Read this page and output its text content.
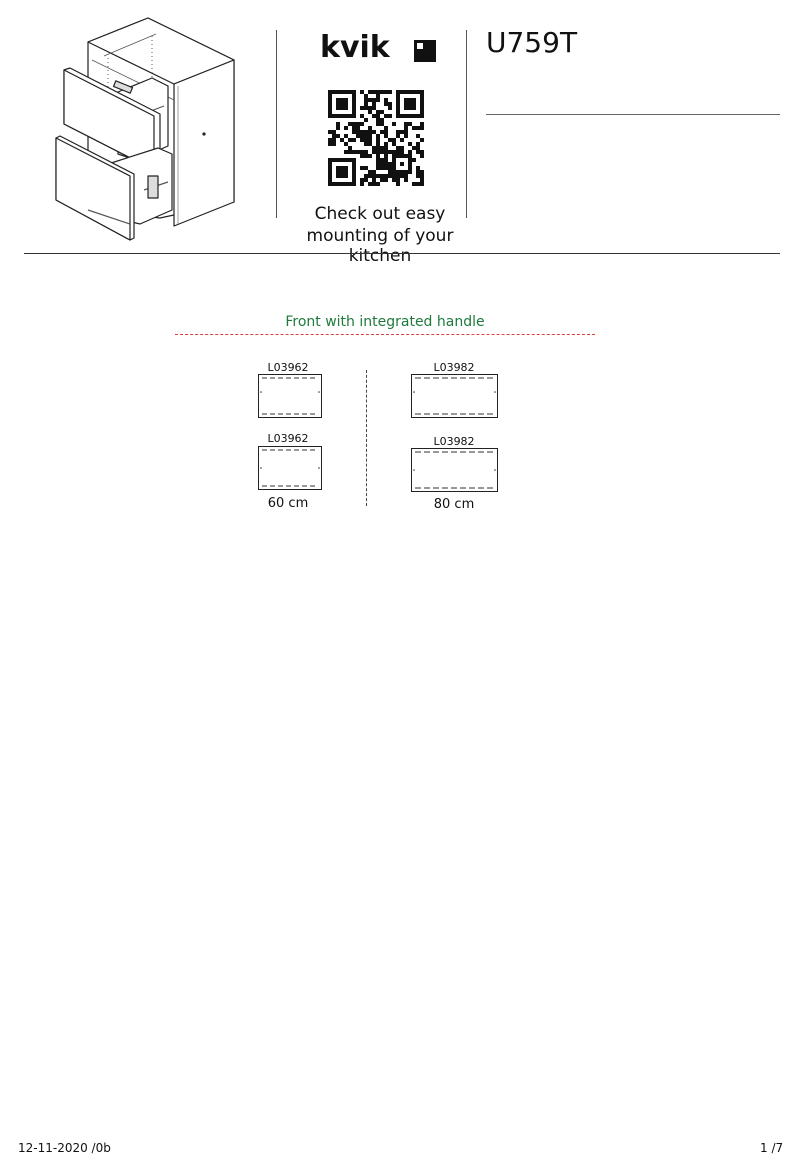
kvik
Check out easy
mounting of your kitchen
U759T
Front with integrated handle
L03962
L03962
60 cm
L03982
L03982
80 cm
12-11-2020 /0b	1 /7
